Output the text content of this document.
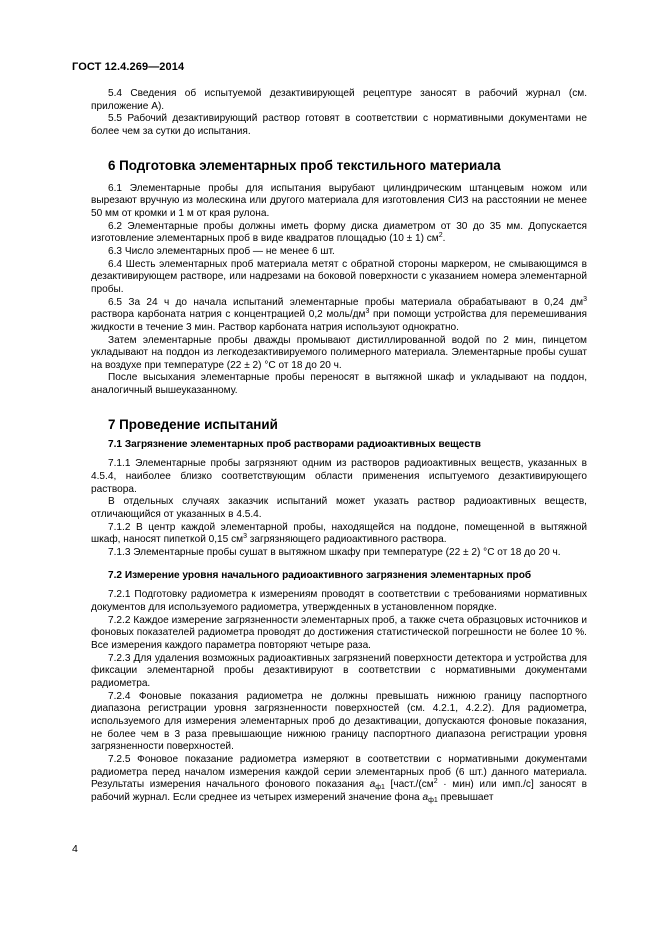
ГОСТ 12.4.269—2014

5.4 Сведения об испытуемой дезактивирующей рецептуре заносят в рабочий журнал (см. приложение А).

5.5 Рабочий дезактивирующий раствор готовят в соответствии с нормативными документами не более чем за сутки до испытания.

6 Подготовка элементарных проб текстильного материала

6.1 Элементарные пробы для испытания вырубают цилиндрическим штанцевым ножом или вырезают вручную из молескина или другого материала для изготовления СИЗ на расстоянии не менее 50 мм от кромки и 1 м от края рулона.

6.2 Элементарные пробы должны иметь форму диска диаметром от 30 до 35 мм. Допускается изготовление элементарных проб в виде квадратов площадью (10 ± 1) $см^2$.

6.3 Число элементарных проб — не менее 6 шт.

6.4 Шесть элементарных проб материала метят с обратной стороны маркером, не смывающимся в дезактивирующем растворе, или надрезами на боковой поверхности с указанием номера элементарной пробы.

6.5 За 24 ч до начала испытаний элементарные пробы материала обрабатывают в 0,24 $дм^3$ раствора карбоната натрия с концентрацией 0,2 моль/$дм^3$ при помощи устройства для перемешивания жидкости в течение 3 мин. Раствор карбоната натрия используют однократно.

Затем элементарные пробы дважды промывают дистиллированной водой по 2 мин, пинцетом укладывают на поддон из легкодезактивируемого полимерного материала. Элементарные пробы сушат на воздухе при температуре (22 ± 2) °С от 18 до 20 ч.

После высыхания элементарные пробы переносят в вытяжной шкаф и укладывают на поддон, аналогичный вышеуказанному.

7 Проведение испытаний
7.1 Загрязнение элементарных проб растворами радиоактивных веществ

7.1.1 Элементарные пробы загрязняют одним из растворов радиоактивных веществ, указанных в 4.5.4, наиболее близко соответствующим области применения испытуемого дезактивирующего раствора.

В отдельных случаях заказчик испытаний может указать раствор радиоактивных веществ, отличающийся от указанных в 4.5.4.

7.1.2 В центр каждой элементарной пробы, находящейся на поддоне, помещенной в вытяжной шкаф, наносят пипеткой 0,15 $см^3$ загрязняющего радиоактивного раствора.

7.1.3 Элементарные пробы сушат в вытяжном шкафу при температуре (22 ± 2) °С от 18 до 20 ч.

7.2 Измерение уровня начального радиоактивного загрязнения элементарных проб

7.2.1 Подготовку радиометра к измерениям проводят в соответствии с требованиями нормативных документов для используемого радиометра, утвержденных в установленном порядке.

7.2.2 Каждое измерение загрязненности элементарных проб, а также счета образцовых источников и фоновых показателей радиометра проводят до достижения статистической погрешности не более 10 %. Все измерения каждого параметра повторяют четыре раза.

7.2.3 Для удаления возможных радиоактивных загрязнений поверхности детектора и устройства для фиксации элементарной пробы дезактивируют в соответствии с нормативными документами радиометра.

7.2.4 Фоновые показания радиометра не должны превышать нижнюю границу паспортного диапазона регистрации уровня загрязненности поверхностей (см. 4.2.1, 4.2.2). Для радиометра, используемого для измерения элементарных проб до дезактивации, допускаются фоновые показания, не более чем в 3 раза превышающие нижнюю границу паспортного диапазона регистрации уровня загрязненности поверхностей.

7.2.5 Фоновое показание радиометра измеряют в соответствии с нормативными документами радиометра перед началом измерения каждой серии элементарных проб (6 шт.) данного материала. Результаты измерения начального фонового показания $a_{ф1}$ [$част./(см^2 \cdot мин)$ или имп./с] заносят в рабочий журнал. Если среднее из четырех измерений значение фона $a_{ф1}$ превышает

4
